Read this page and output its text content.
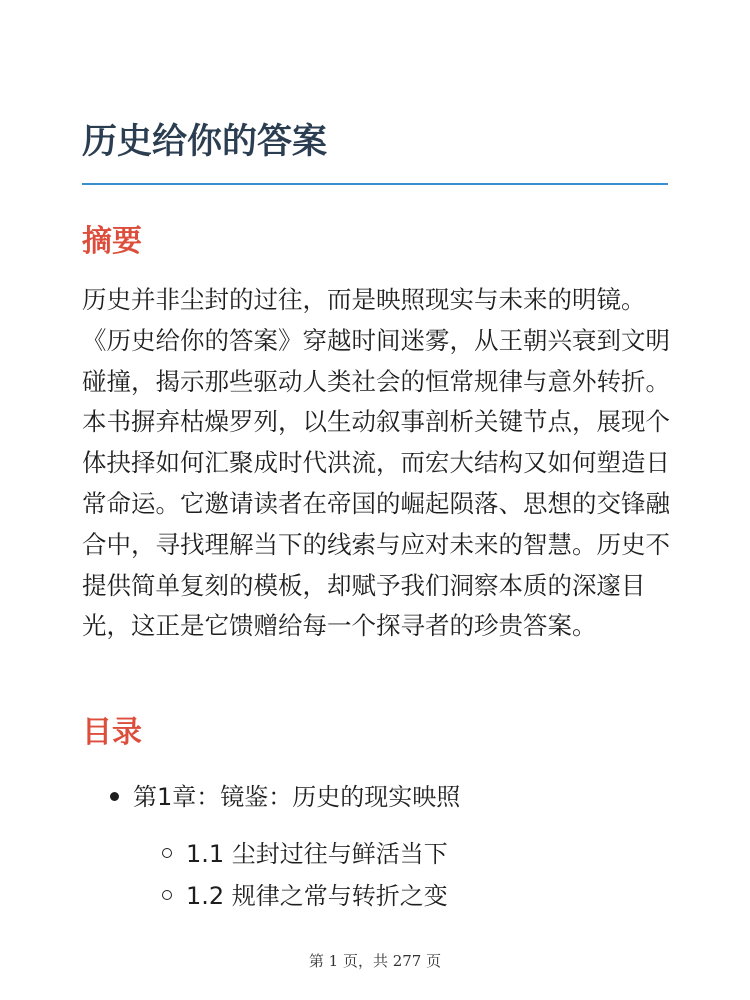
历史给你的答案
摘要

历史并非尘封的过往，而是映照现实与未来的明镜。《历史给你的答案》穿越时间迷雾，从王朝兴衰到文明碰撞，揭示那些驱动人类社会的恒常规律与意外转折。本书摒弃枯燥罗列，以生动叙事剖析关键节点，展现个体抉择如何汇聚成时代洪流，而宏大结构又如何塑造日常命运。它邀请读者在帝国的崛起陨落、思想的交锋融合中，寻找理解当下的线索与应对未来的智慧。历史不提供简单复刻的模板，却赋予我们洞察本质的深邃目光，这正是它馈赠给每一个探寻者的珍贵答案。

目录
第1章：镜鉴：历史的现实映照
1.1 尘封过往与鲜活当下
1.2 规律之常与转折之变
第 1 页，共 277 页
